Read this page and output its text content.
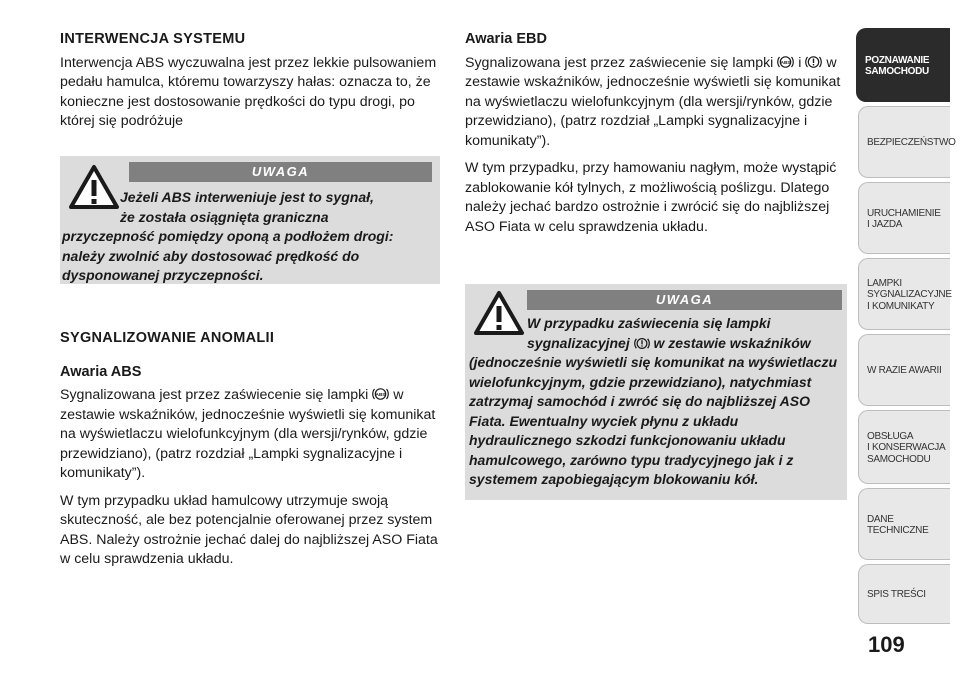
INTERWENCJA SYSTEMU

Interwencja ABS wyczuwalna jest przez lekkie pulsowaniem pedału hamulca, któremu towarzyszy hałas: oznacza to, że konieczne jest dostosowanie prędkości do typu drogi, po której się podróżuje

UWAGA
Jeżeli ABS interweniuje jest to sygnał,
że została osiągnięta graniczna
przyczepność pomiędzy oponą a podłożem drogi: należy zwolnić aby dostosować prędkość do dysponowanej przyczepności.
SYGNALIZOWANIE ANOMALII
Awaria ABS

Sygnalizowana jest przez zaświecenie się lampki ABS w zestawie wskaźników, jednocześnie wyświetli się komunikat na wyświetlaczu wielofunkcyjnym (dla wersji/rynków, gdzie przewidziano), (patrz rozdział „Lampki sygnalizacyjne i komunikaty”).

W tym przypadku układ hamulcowy utrzymuje swoją skuteczność, ale bez potencjalnie oferowanej przez system ABS. Należy ostrożnie jechać dalej do najbliższej ASO Fiata w celu sprawdzenia układu.

Awaria EBD

Sygnalizowana jest przez zaświecenie się lampki ABS i w zestawie wskaźników, jednocześnie wyświetli się komunikat na wyświetlaczu wielofunkcyjnym (dla wersji/rynków, gdzie przewidziano), (patrz rozdział „Lampki sygnalizacyjne i komunikaty”).

W tym przypadku, przy hamowaniu nagłym, może wystąpić zablokowanie kół tylnych, z możliwością poślizgu. Dlatego należy jechać bardzo ostrożnie i zwrócić się do najbliższej ASO Fiata w celu sprawdzenia układu.

UWAGA
W przypadku zaświecenia się lampki
sygnalizacyjnej w zestawie wskaźników
(jednocześnie wyświetli się komunikat na wyświetlaczu wielofunkcyjnym, gdzie przewidziano), natychmiast zatrzymaj samochód i zwróć się do najbliższej ASO Fiata. Ewentualny wyciek płynu z układu hydraulicznego szkodzi funkcjonowaniu układu hamulcowego, zarówno typu tradycyjnego jak i z systemem zapobiegającym blokowaniu kół.
POZNAWANIE
SAMOCHODU
BEZPIECZEŃSTWO
URUCHAMIENIE
I JAZDA
LAMPKI
SYGNALIZACYJNE
I KOMUNIKATY
W RAZIE AWARII
OBSŁUGA
I KONSERWACJA
SAMOCHODU
DANE TECHNICZNE
SPIS TREŚCI
109
